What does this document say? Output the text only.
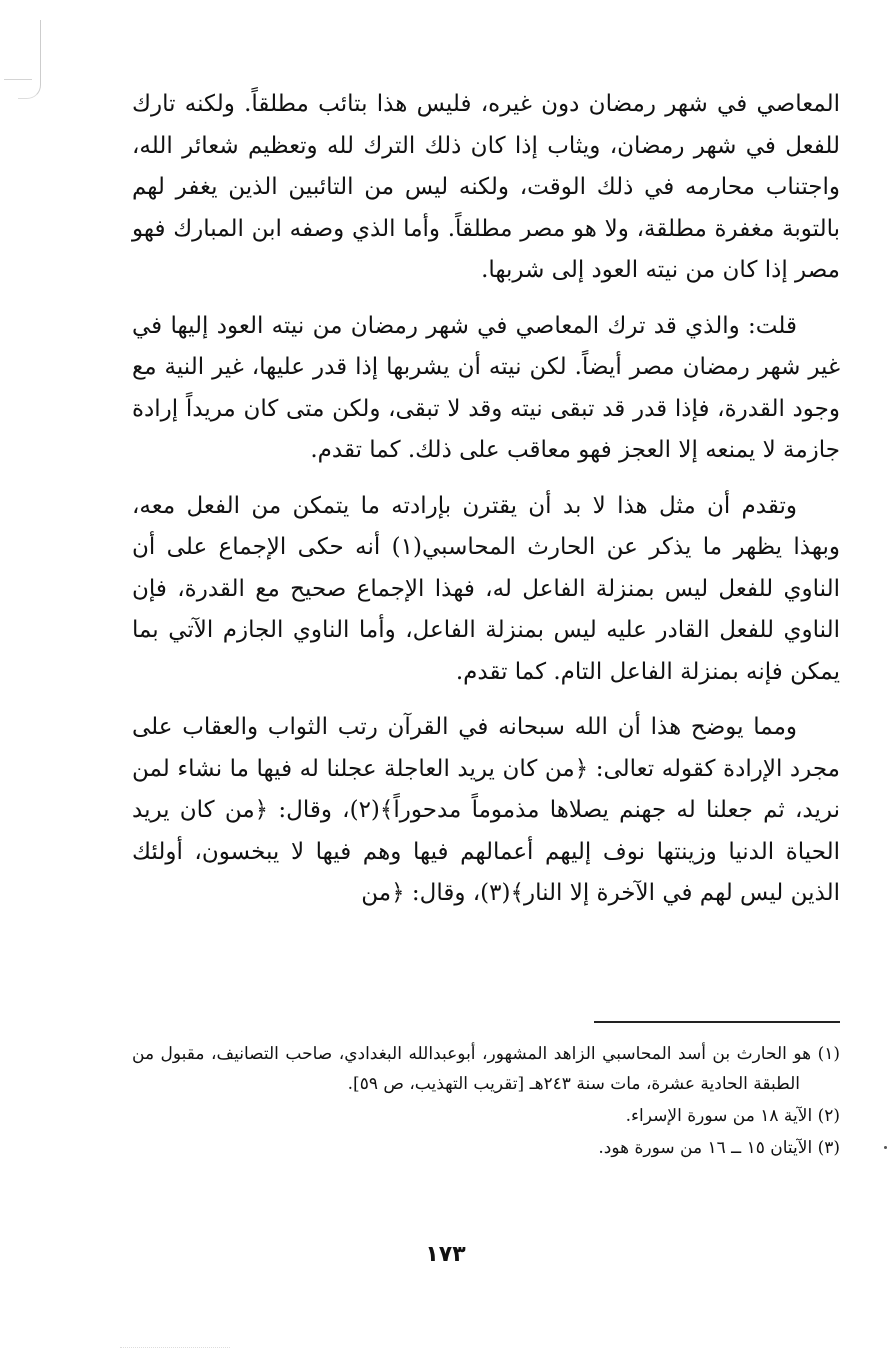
المعاصي في شهر رمضان دون غيره، فليس هذا بتائب مطلقاً. ولكنه تارك للفعل في شهر رمضان، ويثاب إذا كان ذلك الترك لله وتعظيم شعائر الله، واجتناب محارمه في ذلك الوقت، ولكنه ليس من التائبين الذين يغفر لهم بالتوبة مغفرة مطلقة، ولا هو مصر مطلقاً. وأما الذي وصفه ابن المبارك فهو مصر إذا كان من نيته العود إلى شربها.

قلت: والذي قد ترك المعاصي في شهر رمضان من نيته العود إليها في غير شهر رمضان مصر أيضاً. لكن نيته أن يشربها إذا قدر عليها، غير النية مع وجود القدرة، فإذا قدر قد تبقى نيته وقد لا تبقى، ولكن متى كان مريداً إرادة جازمة لا يمنعه إلا العجز فهو معاقب على ذلك. كما تقدم.

وتقدم أن مثل هذا لا بد أن يقترن بإرادته ما يتمكن من الفعل معه، وبهذا يظهر ما يذكر عن الحارث المحاسبي(١) أنه حكى الإجماع على أن الناوي للفعل ليس بمنزلة الفاعل له، فهذا الإجماع صحيح مع القدرة، فإن الناوي للفعل القادر عليه ليس بمنزلة الفاعل، وأما الناوي الجازم الآتي بما يمكن فإنه بمنزلة الفاعل التام. كما تقدم.

ومما يوضح هذا أن الله سبحانه في القرآن رتب الثواب والعقاب على مجرد الإرادة كقوله تعالى: ﴿من كان يريد العاجلة عجلنا له فيها ما نشاء لمن نريد، ثم جعلنا له جهنم يصلاها مذموماً مدحوراً﴾(٢)، وقال: ﴿من كان يريد الحياة الدنيا وزينتها نوف إليهم أعمالهم فيها وهم فيها لا يبخسون، أولئك الذين ليس لهم في الآخرة إلا النار﴾(٣)، وقال: ﴿من

(١) هو الحارث بن أسد المحاسبي الزاهد المشهور، أبوعبدالله البغدادي، صاحب التصانيف، مقبول من الطبقة الحادية عشرة، مات سنة ٢٤٣هـ [تقريب التهذيب، ص ٥٩].

(٢) الآية ١٨ من سورة الإسراء.

(٣) الآيتان ١٥ ــ ١٦ من سورة هود.

١٧٣
